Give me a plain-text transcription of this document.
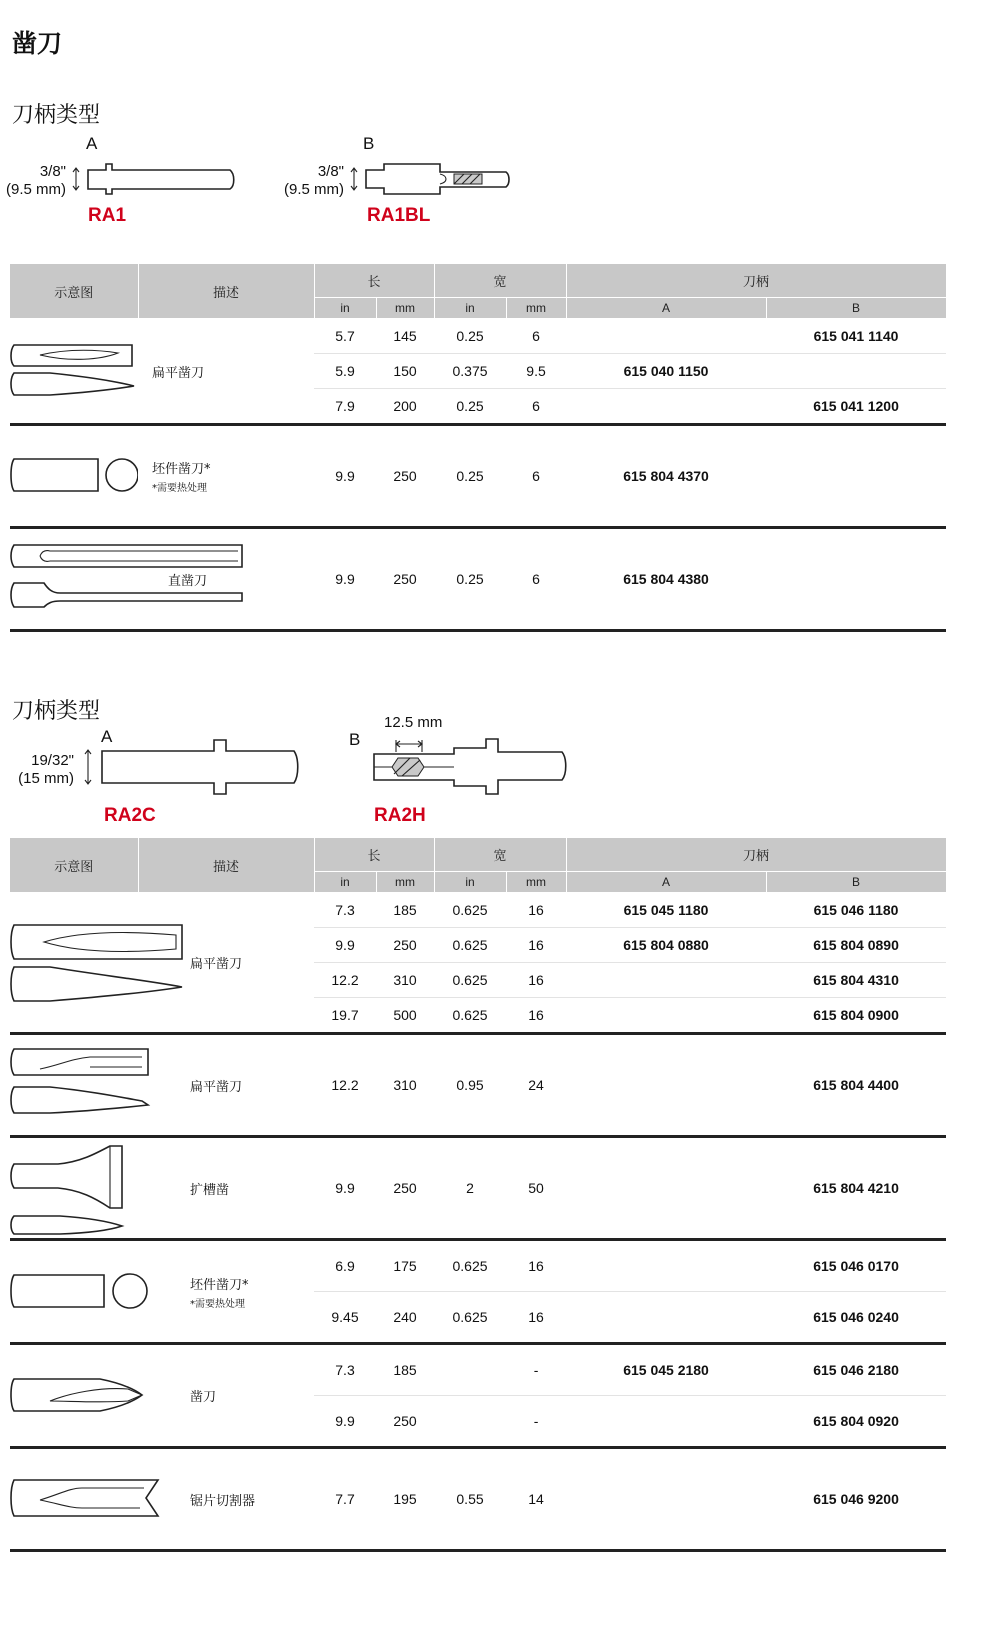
凿刀
刀柄类型
A
3/8"
(9.5 mm)
RA1
B
3/8"
(9.5 mm)
RA1BL
示意图	描述	长		宽		刀柄	
		in	mm	in	mm	A	B

	扁平凿刀	5.7	145	0.25	6		615 041 1140
		5.9	150	0.375	9.5	615 040 1150	
		7.9	200	0.25	6		615 041 1200

	坯件凿刀*
*需要热处理	9.9	250	0.25	6	615 804 4370	

	直凿刀	9.9	250	0.25	6	615 804 4380	
刀柄类型
A
19/32"
(15 mm)
RA2C
B
12.5 mm
RA2H
示意图	描述	长		宽		刀柄	
		in	mm	in	mm	A	B

	扁平凿刀	7.3	185	0.625	16	615 045 1180	615 046 1180
		9.9	250	0.625	16	615 804 0880	615 804 0890
		12.2	310	0.625	16		615 804 4310
		19.7	500	0.625	16		615 804 0900

	扁平凿刀	12.2	310	0.95	24		615 804 4400

	扩槽凿	9.9	250	2	50		615 804 4210

	坯件凿刀*
*需要热处理	6.9	175	0.625	16		615 046 0170
		9.45	240	0.625	16		615 046 0240

	凿刀	7.3	185		-	615 045 2180	615 046 2180
		9.9	250		-		615 804 0920

	锯片切割器	7.7	195	0.55	14		615 046 9200
